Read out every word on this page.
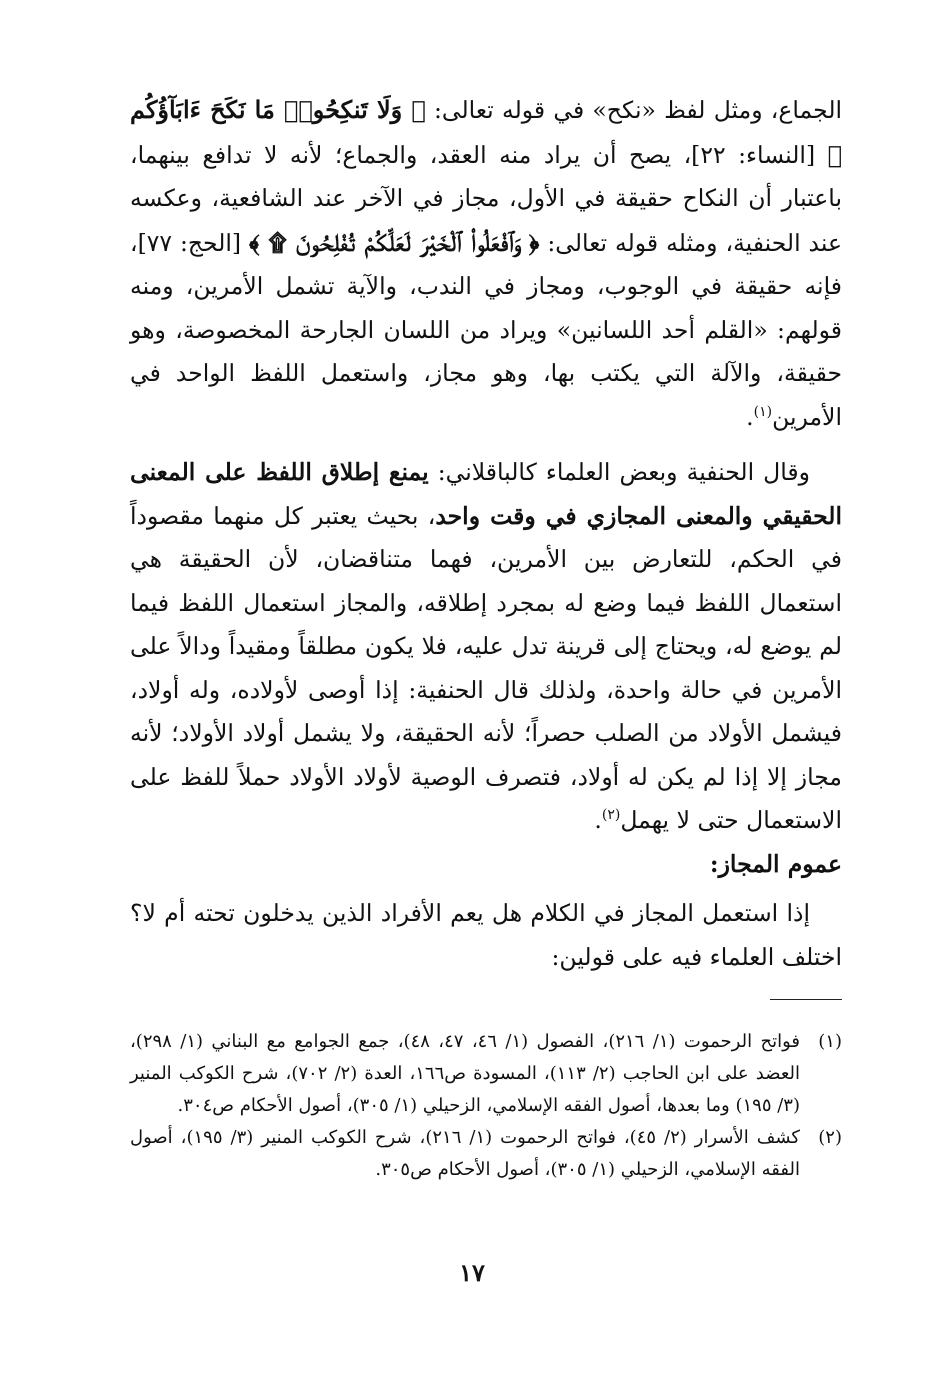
الجماع، ومثل لفظ «نكح» في قوله تعالى: ﴿ وَلَا تَنكِحُوا۟ مَا نَكَحَ ءَابَآؤُكُم ﴾ [النساء: ٢٢]، يصح أن يراد منه العقد، والجماع؛ لأنه لا تدافع بينهما، باعتبار أن النكاح حقيقة في الأول، مجاز في الآخر عند الشافعية، وعكسه عند الحنفية، ومثله قوله تعالى: ﴿ وَٱفْعَلُوا۟ ٱلْخَيْرَ لَعَلَّكُمْ تُفْلِحُونَ ۩ ﴾ [الحج: ٧٧]، فإنه حقيقة في الوجوب، ومجاز في الندب، والآية تشمل الأمرين، ومنه قولهم: «القلم أحد اللسانين» ويراد من اللسان الجارحة المخصوصة، وهو حقيقة، والآلة التي يكتب بها، وهو مجاز، واستعمل اللفظ الواحد في الأمرين$^{(١)}$.

وقال الحنفية وبعض العلماء كالباقلاني: يمنع إطلاق اللفظ على المعنى الحقيقي والمعنى المجازي في وقت واحد، بحيث يعتبر كل منهما مقصوداً في الحكم، للتعارض بين الأمرين، فهما متناقضان، لأن الحقيقة هي استعمال اللفظ فيما وضع له بمجرد إطلاقه، والمجاز استعمال اللفظ فيما لم يوضع له، ويحتاج إلى قرينة تدل عليه، فلا يكون مطلقاً ومقيداً ودالاً على الأمرين في حالة واحدة، ولذلك قال الحنفية: إذا أوصى لأولاده، وله أولاد، فيشمل الأولاد من الصلب حصراً؛ لأنه الحقيقة، ولا يشمل أولاد الأولاد؛ لأنه مجاز إلا إذا لم يكن له أولاد، فتصرف الوصية لأولاد الأولاد حملاً للفظ على الاستعمال حتى لا يهمل$^{(٢)}$.

عموم المجاز:

إذا استعمل المجاز في الكلام هل يعم الأفراد الذين يدخلون تحته أم لا؟ اختلف العلماء فيه على قولين:

(١)
فواتح الرحموت (١/ ٢١٦)، الفصول (١/ ٤٦، ٤٧، ٤٨)، جمع الجوامع مع البناني (١/ ٢٩٨)، العضد على ابن الحاجب (٢/ ١١٣)، المسودة ص١٦٦، العدة (٢/ ٧٠٢)، شرح الكوكب المنير (٣/ ١٩٥) وما بعدها، أصول الفقه الإسلامي، الزحيلي (١/ ٣٠٥)، أصول الأحكام ص٣٠٤.
(٢)
كشف الأسرار (٢/ ٤٥)، فواتح الرحموت (١/ ٢١٦)، شرح الكوكب المنير (٣/ ١٩٥)، أصول الفقه الإسلامي، الزحيلي (١/ ٣٠٥)، أصول الأحكام ص٣٠٥.
١٧
